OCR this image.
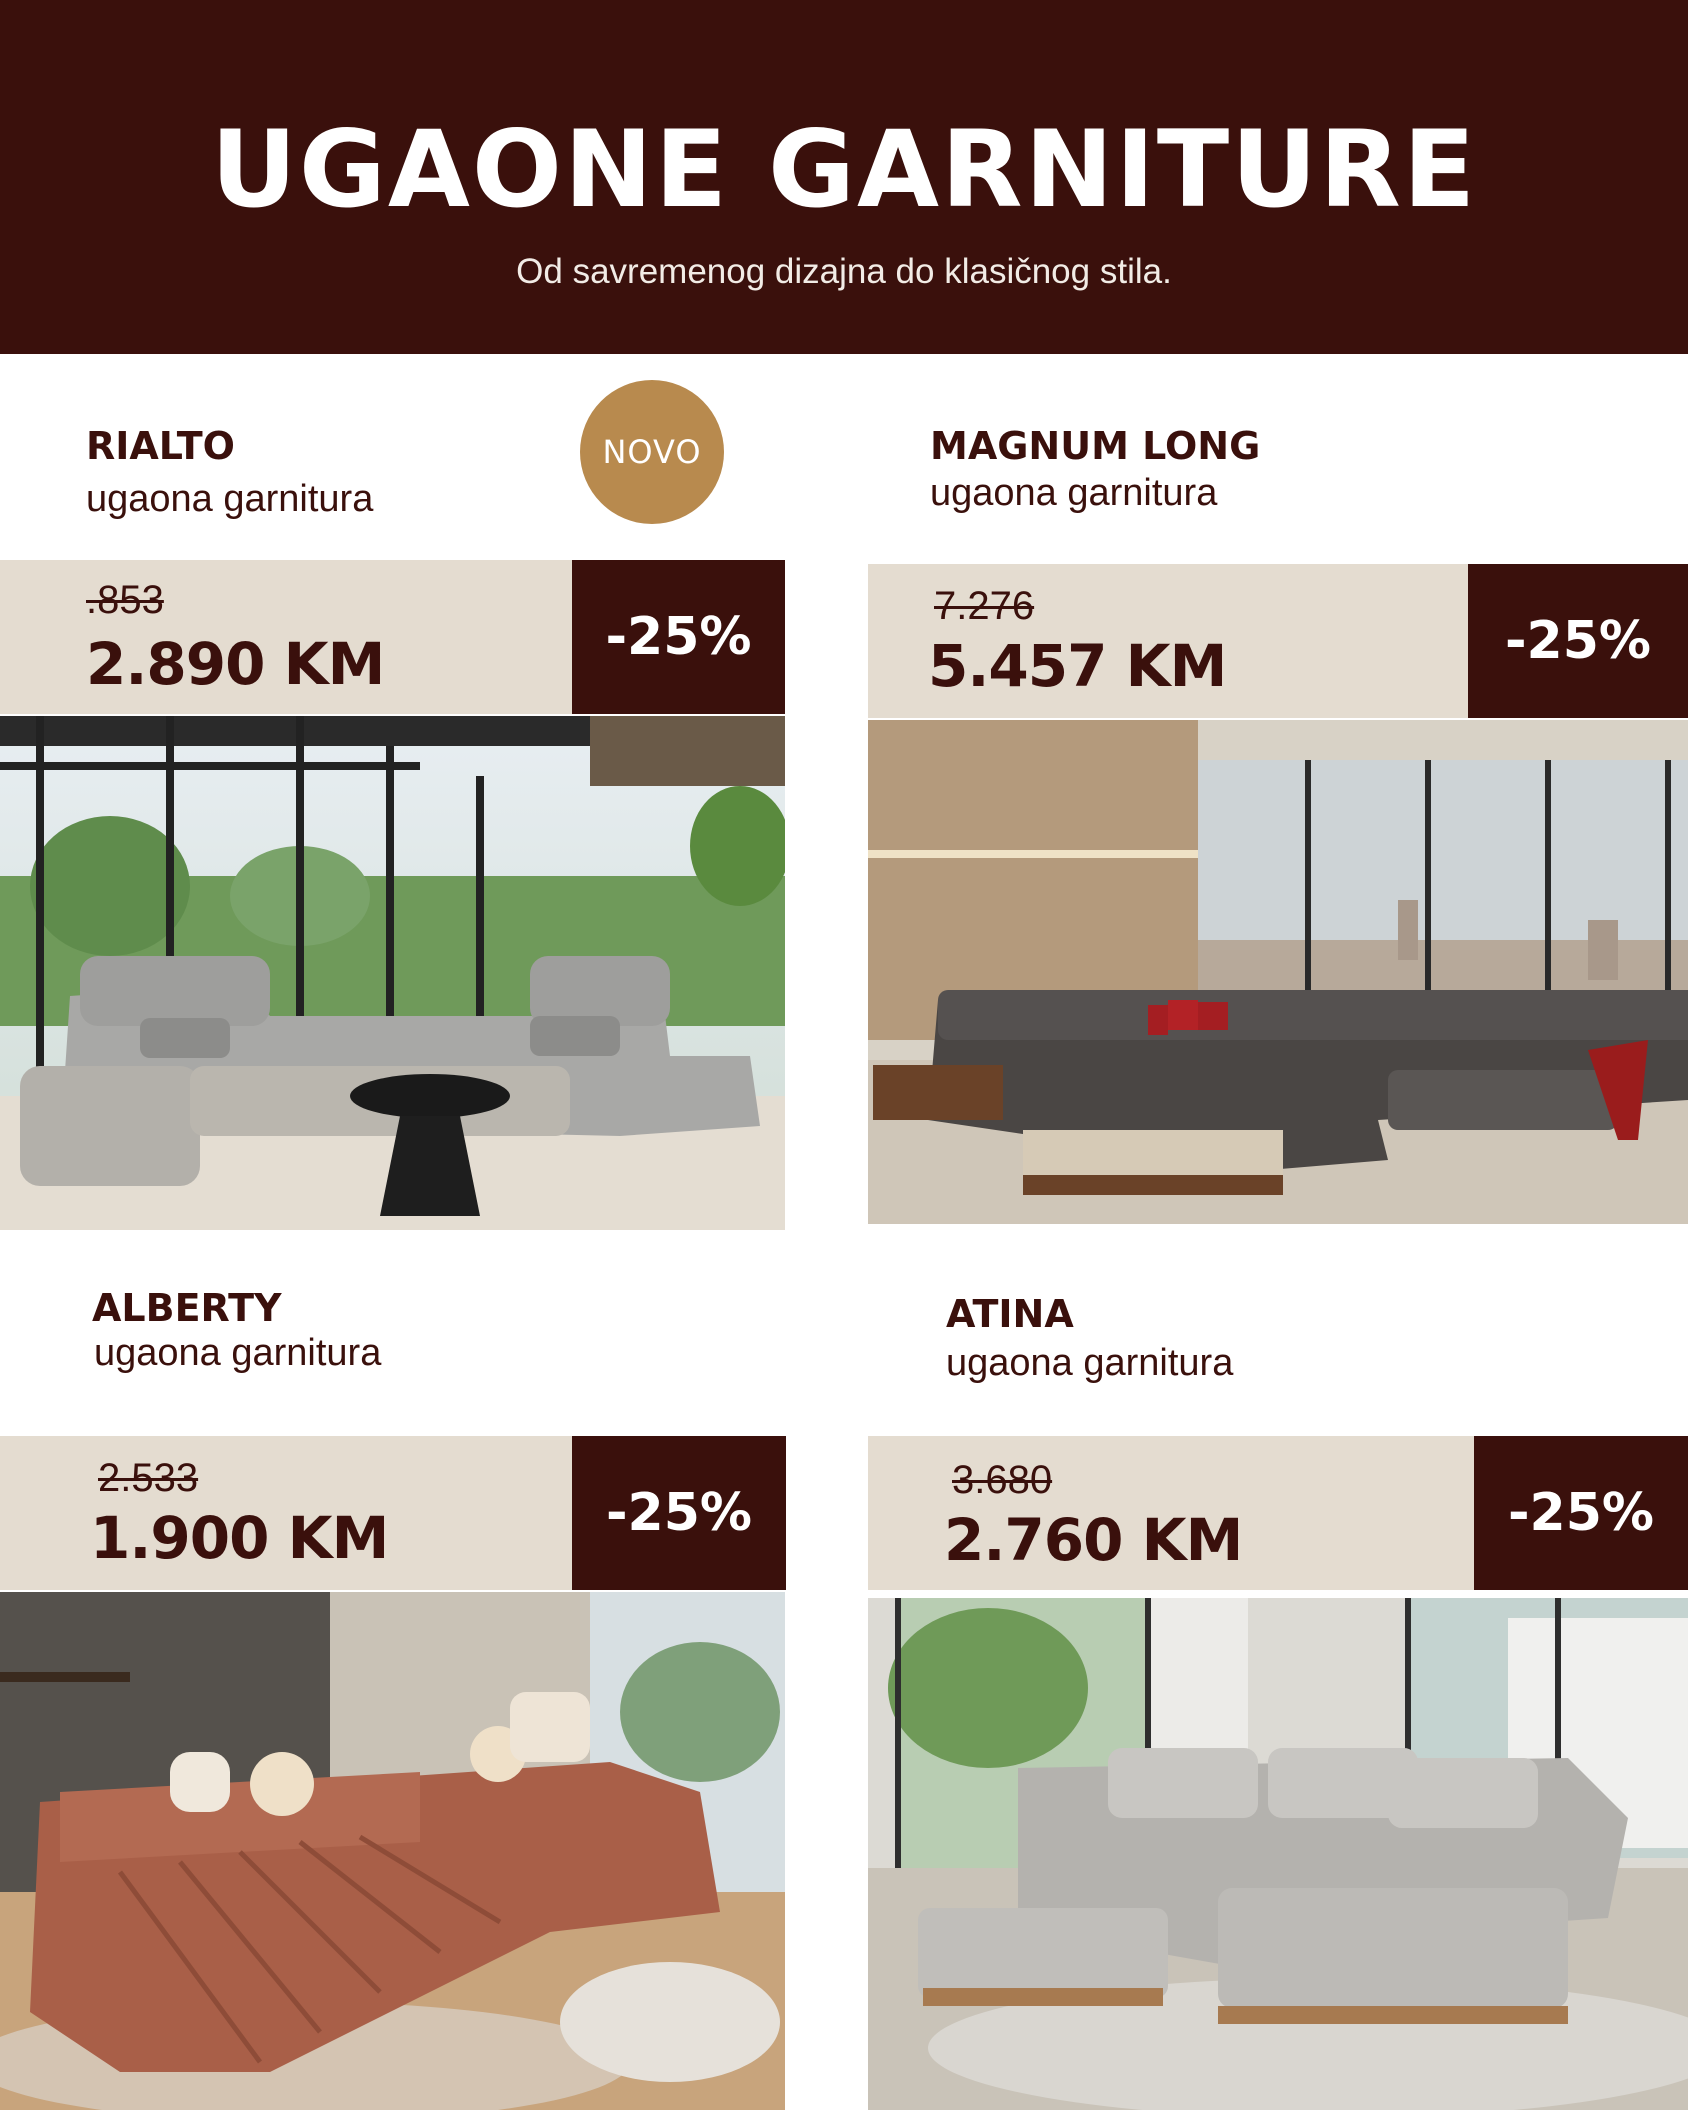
UGAONE GARNITURE
Od savremenog dizajna do klasičnog stila.
RIALTO
ugaona garnitura
NOVO
.853
2.890 KM	-25%
MAGNUM LONG
ugaona garnitura
7.276
5.457 KM	-25%
ALBERTY
ugaona garnitura
2.533
1.900 KM	-25%
ATINA
ugaona garnitura
3.680
2.760 KM	-25%
